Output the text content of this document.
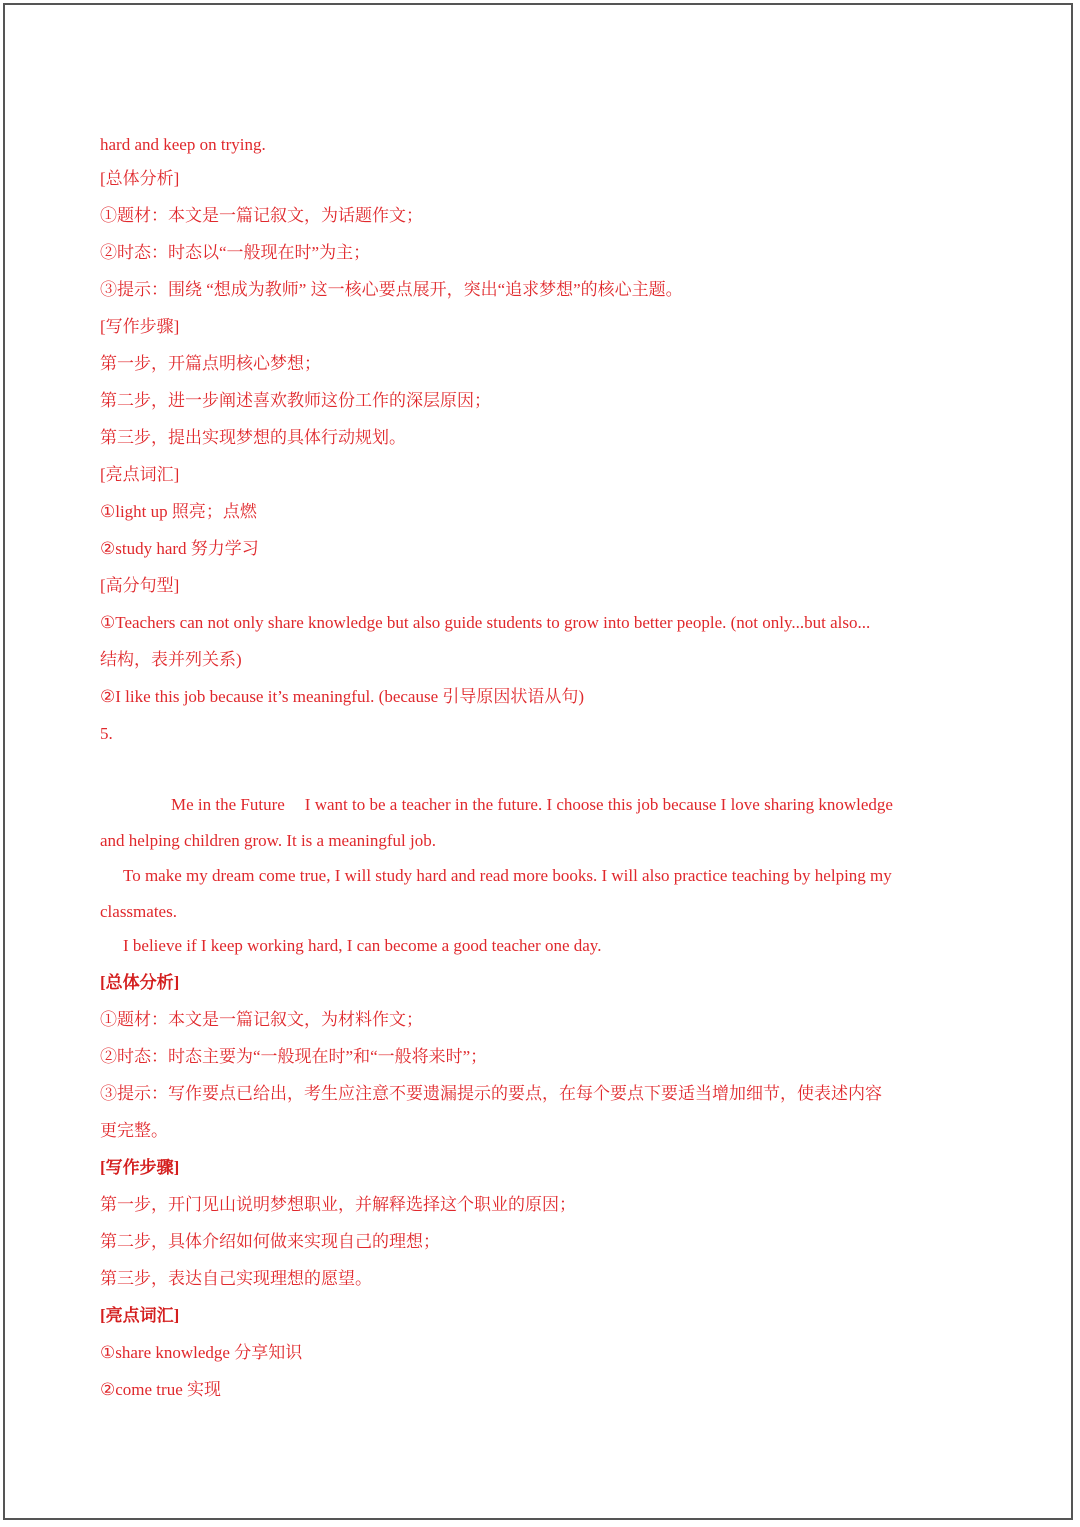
hard and keep on trying.
[总体分析]
①题材：本文是一篇记叙文，为话题作文；
②时态：时态以“一般现在时”为主；
③提示：围绕 “想成为教师” 这一核心要点展开，突出“追求梦想”的核心主题。
[写作步骤]
第一步，开篇点明核心梦想；
第二步，进一步阐述喜欢教师这份工作的深层原因；
第三步，提出实现梦想的具体行动规划。
[亮点词汇]
①light up 照亮；点燃
②study hard 努力学习
[高分句型]
①Teachers can not only share knowledge but also guide students to grow into better people. (not only...but also...
结构，表并列关系)
②I like this job because it’s meaningful. (because 引导原因状语从句)
5.
Me in the Future I want to be a teacher in the future. I choose this job because I love sharing knowledge
and helping children grow. It is a meaningful job.
To make my dream come true, I will study hard and read more books. I will also practice teaching by helping my
classmates.
I believe if I keep working hard, I can become a good teacher one day.
[总体分析]
①题材：本文是一篇记叙文，为材料作文；
②时态：时态主要为“一般现在时”和“一般将来时”；
③提示：写作要点已给出，考生应注意不要遗漏提示的要点，在每个要点下要适当增加细节，使表述内容
更完整。
[写作步骤]
第一步，开门见山说明梦想职业，并解释选择这个职业的原因；
第二步，具体介绍如何做来实现自己的理想；
第三步，表达自己实现理想的愿望。
[亮点词汇]
①share knowledge 分享知识
②come true 实现
